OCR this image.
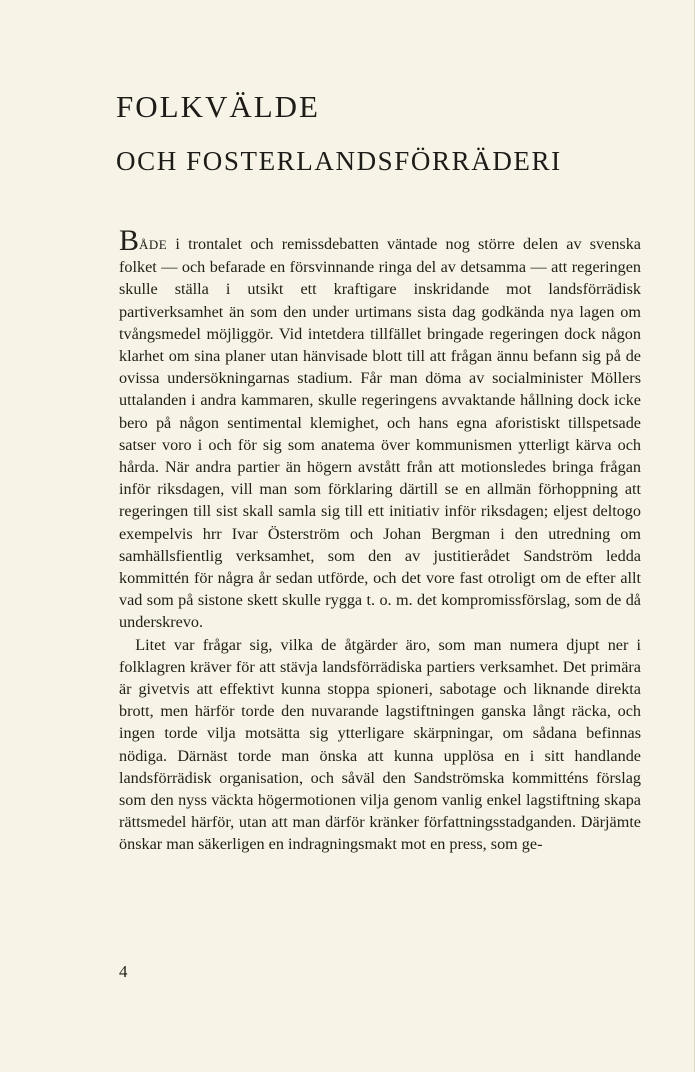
FOLKVÄLDE
OCH FOSTERLANDSFÖRRÄDERI

BÅDE i trontalet och remissdebatten väntade nog större delen av svenska folket — och befarade en försvinnande ringa del av detsamma — att regeringen skulle ställa i utsikt ett kraftigare inskridande mot landsförrädisk partiverksamhet än som den under urtimans sista dag godkända nya lagen om tvångsmedel möjliggör. Vid intetdera tillfället bringade regeringen dock någon klarhet om sina planer utan hänvisade blott till att frågan ännu befann sig på de ovissa undersökningarnas stadium. Får man döma av socialminister Möllers uttalanden i andra kammaren, skulle regeringens avvaktande hållning dock icke bero på någon sentimental klemighet, och hans egna aforistiskt tillspetsade satser voro i och för sig som anatema över kommunismen ytterligt kärva och hårda. När andra partier än högern avstått från att motionsledes bringa frågan inför riksdagen, vill man som förklaring därtill se en allmän förhoppning att regeringen till sist skall samla sig till ett initiativ inför riksdagen; eljest deltogo exempelvis hrr Ivar Österström och Johan Bergman i den utredning om samhällsfientlig verksamhet, som den av justitierådet Sandström ledda kommittén för några år sedan utförde, och det vore fast otroligt om de efter allt vad som på sistone skett skulle rygga t. o. m. det kompromissförslag, som de då underskrevo.

 Litet var frågar sig, vilka de åtgärder äro, som man numera djupt ner i folklagren kräver för att stävja landsförrädiska partiers verksamhet. Det primära är givetvis att effektivt kunna stoppa spioneri, sabotage och liknande direkta brott, men härför torde den nuvarande lagstiftningen ganska långt räcka, och ingen torde vilja motsätta sig ytterligare skärpningar, om sådana befinnas nödiga. Därnäst torde man önska att kunna upplösa en i sitt handlande landsförrädisk organisation, och såväl den Sandströmska kommitténs förslag som den nyss väckta högermotionen vilja genom vanlig enkel lagstiftning skapa rättsmedel härför, utan att man därför kränker författningsstadganden. Därjämte önskar man säkerligen en indragningsmakt mot en press, som ge-

4
